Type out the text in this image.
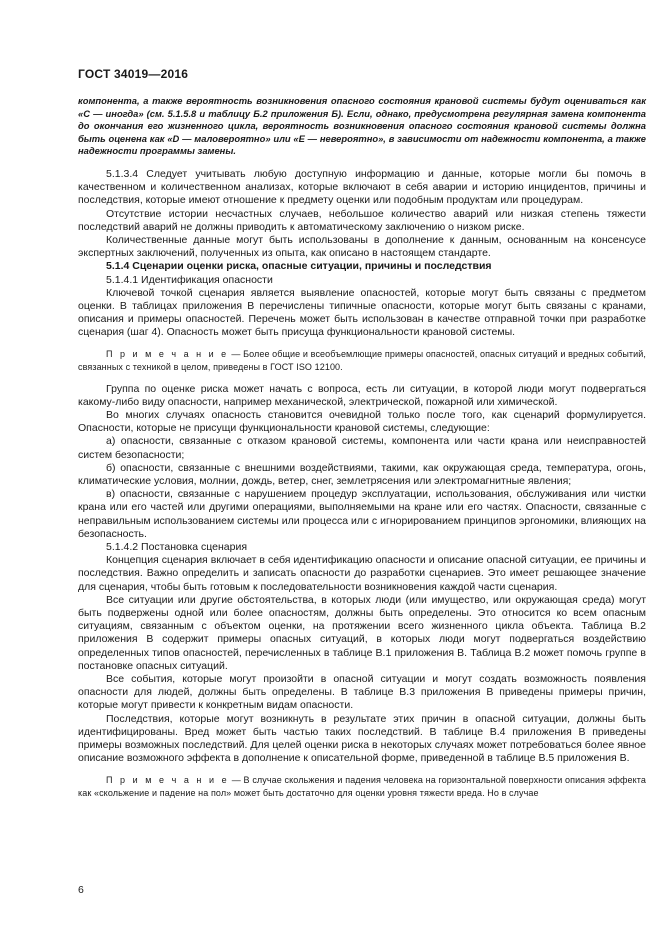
ГОСТ 34019—2016

компонента, а также вероятность возникновения опасного состояния крановой системы будут оцениваться как «С — иногда» (см. 5.1.5.8 и таблицу Б.2 приложения Б). Если, однако, предусмотрена регулярная замена компонента до окончания его жизненного цикла, вероятность возникновения опасного состояния крановой системы должна быть оценена как «D — маловероятно» или «Е — невероятно», в зависимости от надежности компонента, а также надежности программы замены.

5.1.3.4 Следует учитывать любую доступную информацию и данные, которые могли бы помочь в качественном и количественном анализах, которые включают в себя аварии и историю инцидентов, причины и последствия, которые имеют отношение к предмету оценки или подобным продуктам или процедурам.

Отсутствие истории несчастных случаев, небольшое количество аварий или низкая степень тяжести последствий аварий не должны приводить к автоматическому заключению о низком риске.

Количественные данные могут быть использованы в дополнение к данным, основанным на консенсусе экспертных заключений, полученных из опыта, как описано в настоящем стандарте.

5.1.4 Сценарии оценки риска, опасные ситуации, причины и последствия

5.1.4.1 Идентификация опасности

Ключевой точкой сценария является выявление опасностей, которые могут быть связаны с предметом оценки. В таблицах приложения В перечислены типичные опасности, которые могут быть связаны с кранами, описания и примеры опасностей. Перечень может быть использован в качестве отправной точки при разработке сценария (шаг 4). Опасность может быть присуща функциональности крановой системы.

П р и м е ч а н и е — Более общие и всеобъемлющие примеры опасностей, опасных ситуаций и вредных событий, связанных с техникой в целом, приведены в ГОСТ ISO 12100.

Группа по оценке риска может начать с вопроса, есть ли ситуации, в которой люди могут подвергаться какому-либо виду опасности, например механической, электрической, пожарной или химической.

Во многих случаях опасность становится очевидной только после того, как сценарий формулируется. Опасности, которые не присущи функциональности крановой системы, следующие:

а) опасности, связанные с отказом крановой системы, компонента или части крана или неисправностей систем безопасности;

б) опасности, связанные с внешними воздействиями, такими, как окружающая среда, температура, огонь, климатические условия, молнии, дождь, ветер, снег, землетрясения или электромагнитные явления;

в) опасности, связанные с нарушением процедур эксплуатации, использования, обслуживания или чистки крана или его частей или другими операциями, выполняемыми на кране или его частях. Опасности, связанные с неправильным использованием системы или процесса или с игнорированием принципов эргономики, влияющих на безопасность.

5.1.4.2 Постановка сценария

Концепция сценария включает в себя идентификацию опасности и описание опасной ситуации, ее причины и последствия. Важно определить и записать опасности до разработки сценариев. Это имеет решающее значение для сценария, чтобы быть готовым к последовательности возникновения каждой части сценария.

Все ситуации или другие обстоятельства, в которых люди (или имущество, или окружающая среда) могут быть подвержены одной или более опасностям, должны быть определены. Это относится ко всем опасным ситуациям, связанным с объектом оценки, на протяжении всего жизненного цикла объекта. Таблица В.2 приложения В содержит примеры опасных ситуаций, в которых люди могут подвергаться воздействию определенных типов опасностей, перечисленных в таблице В.1 приложения В. Таблица В.2 может помочь группе в постановке опасных ситуаций.

Все события, которые могут произойти в опасной ситуации и могут создать возможность появления опасности для людей, должны быть определены. В таблице В.3 приложения В приведены примеры причин, которые могут привести к конкретным видам опасности.

Последствия, которые могут возникнуть в результате этих причин в опасной ситуации, должны быть идентифицированы. Вред может быть частью таких последствий. В таблице В.4 приложения В приведены примеры возможных последствий. Для целей оценки риска в некоторых случаях может потребоваться более явное описание возможного эффекта в дополнение к описательной форме, приведенной в таблице В.5 приложения В.

П р и м е ч а н и е — В случае скольжения и падения человека на горизонтальной поверхности описания эффекта как «скольжение и падение на пол» может быть достаточно для оценки уровня тяжести вреда. Но в случае

6
